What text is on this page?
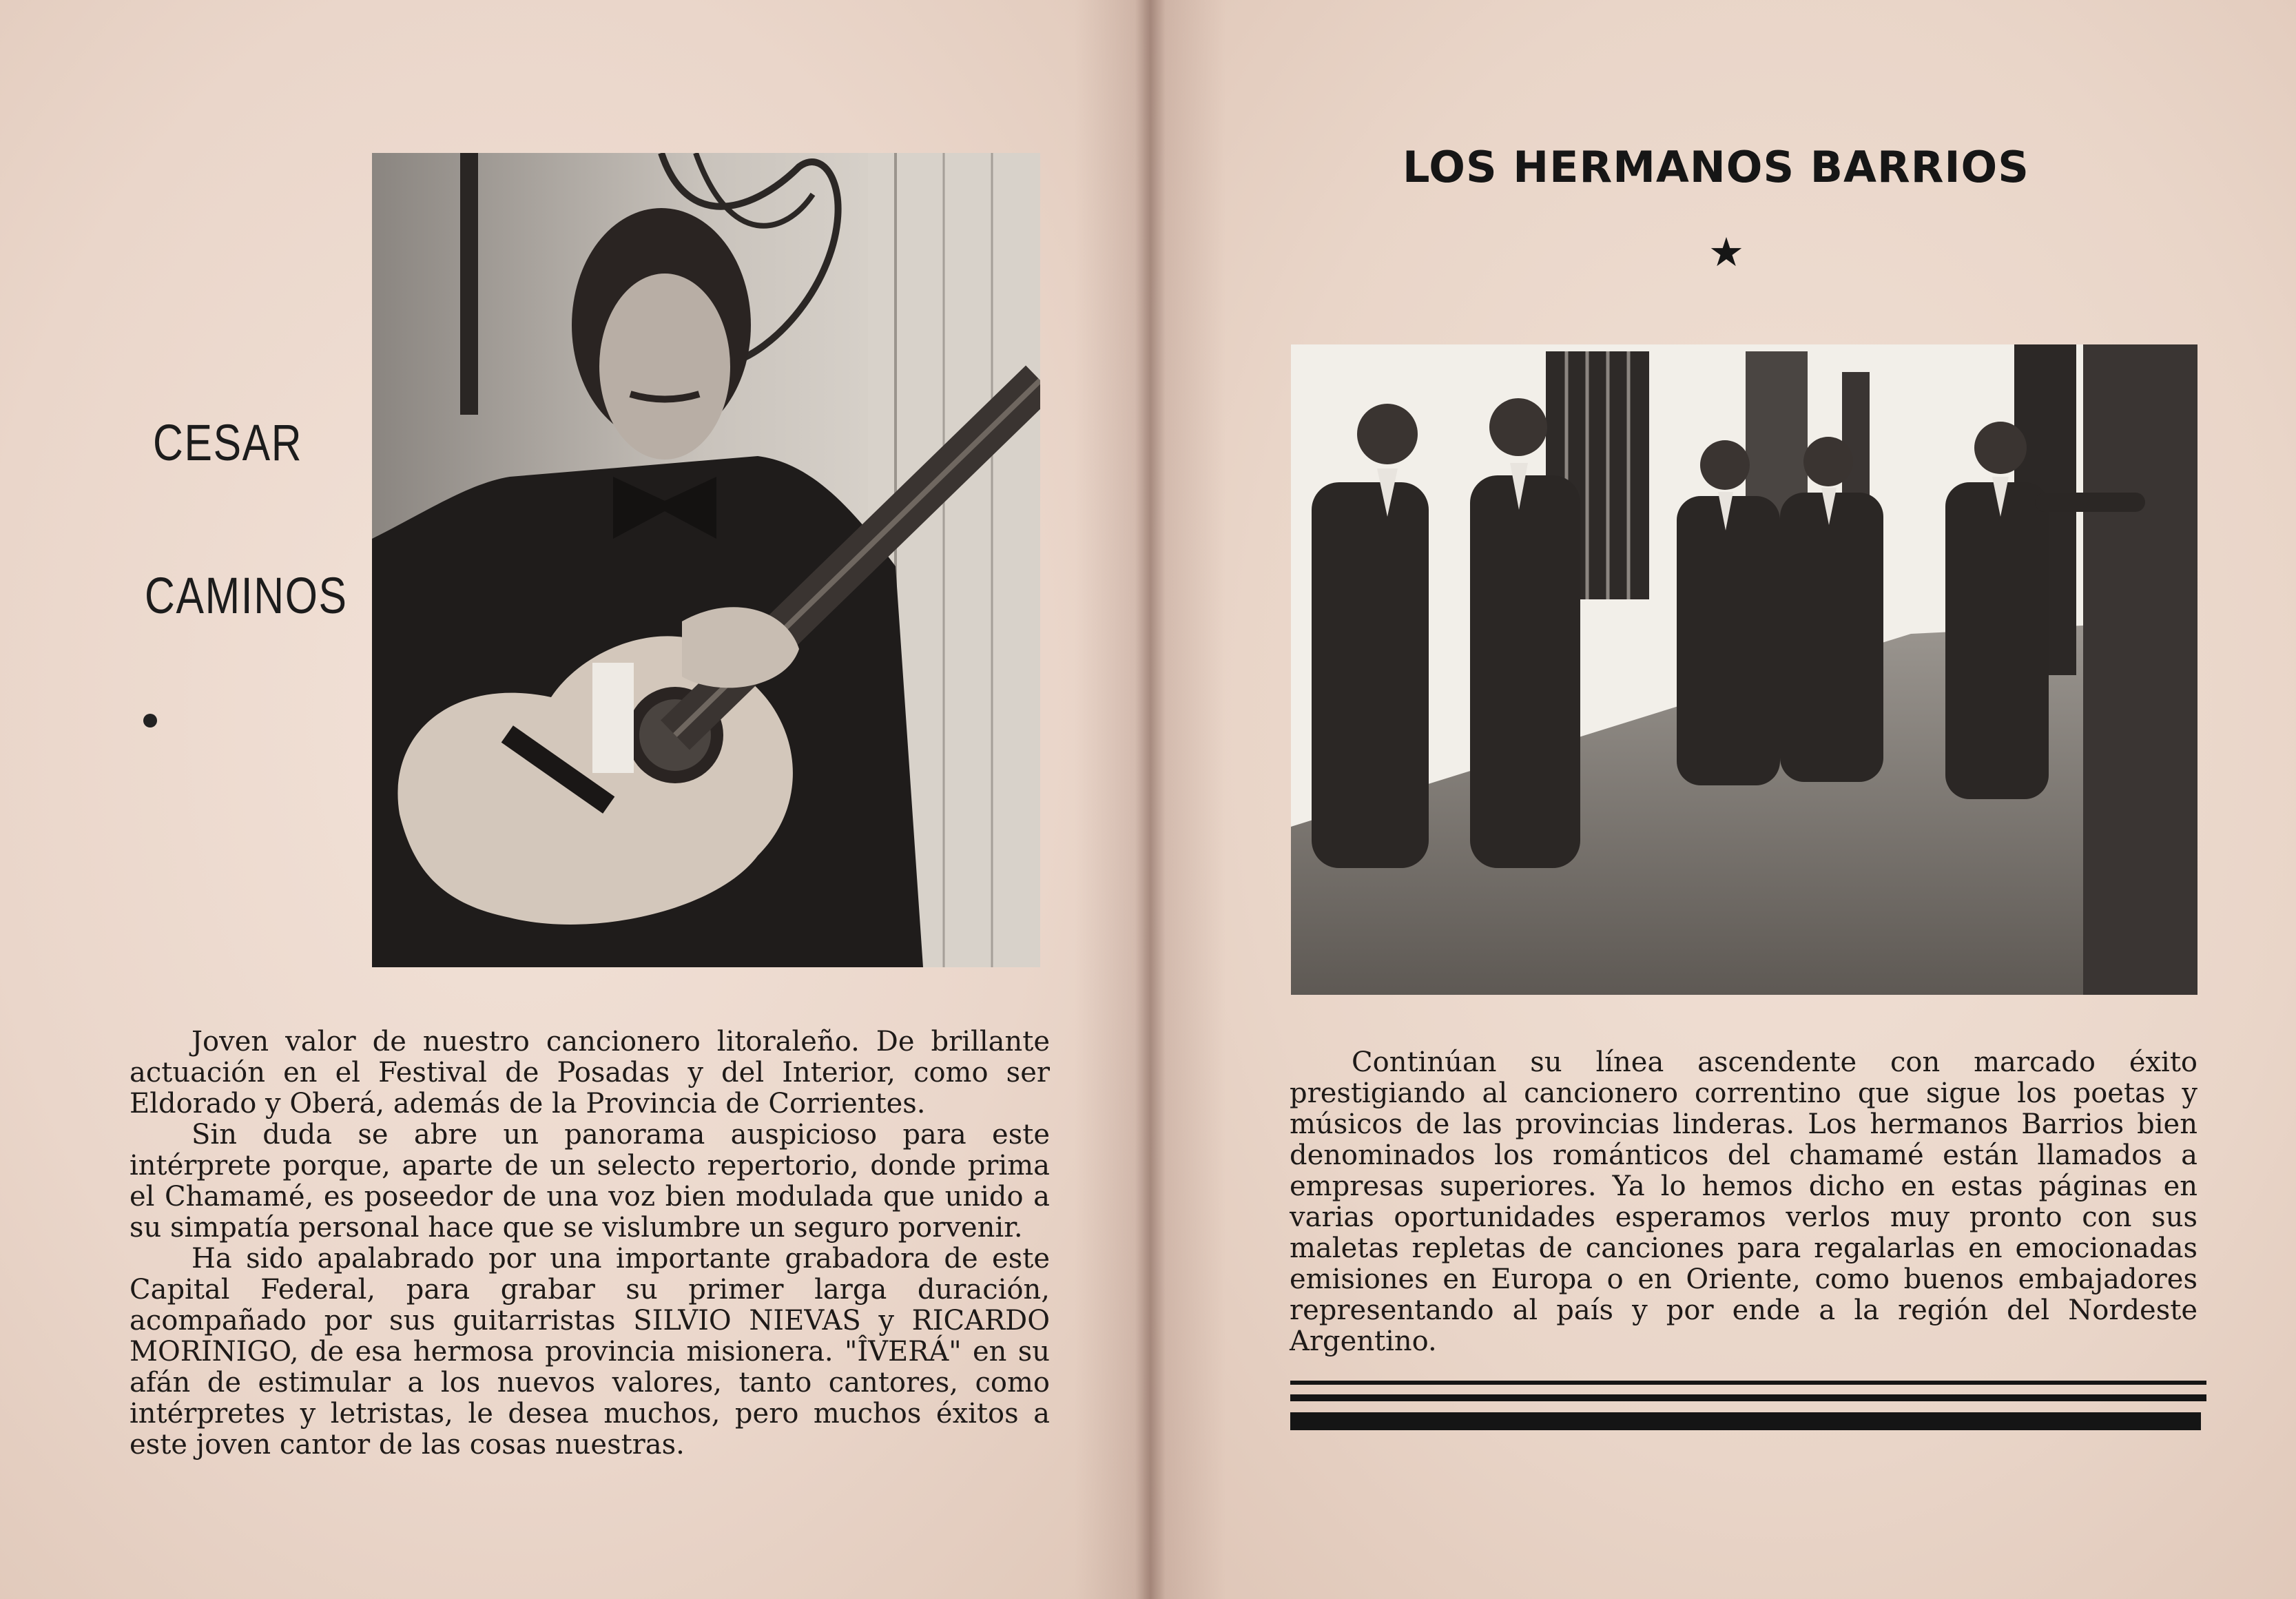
CESAR
CAMINOS

Joven valor de nuestro cancionero litoraleño. De brillante actuación en el Festival de Posadas y del Interior, como ser Eldorado y Oberá, además de la Provincia de Corrientes.

Sin duda se abre un panorama auspicioso para este intérprete porque, aparte de un selecto repertorio, donde prima el Chamamé, es poseedor de una voz bien modulada que unido a su simpatía personal hace que se vislumbre un seguro porvenir.

Ha sido apalabrado por una importante grabadora de este Capital Federal, para grabar su primer larga duración, acompañado por sus guitarristas SILVIO NIEVAS y RICARDO MORINIGO, de esa hermosa provincia misionera. "ÎVERÁ" en su afán de estimular a los nuevos valores, tanto cantores, como intérpretes y letristas, le desea muchos, pero muchos éxitos a este joven cantor de las cosas nuestras.

LOS HERMANOS BARRIOS
★

Continúan su línea ascendente con marcado éxito prestigiando al cancionero correntino que sigue los poetas y músicos de las provincias linderas. Los hermanos Barrios bien denominados los románticos del chamamé están llamados a empresas superiores. Ya lo hemos dicho en estas páginas en varias oportunidades esperamos verlos muy pronto con sus maletas repletas de canciones para regalarlas en emocionadas emisiones en Europa o en Oriente, como buenos embajadores representando al país y por ende a la región del Nordeste Argentino.
